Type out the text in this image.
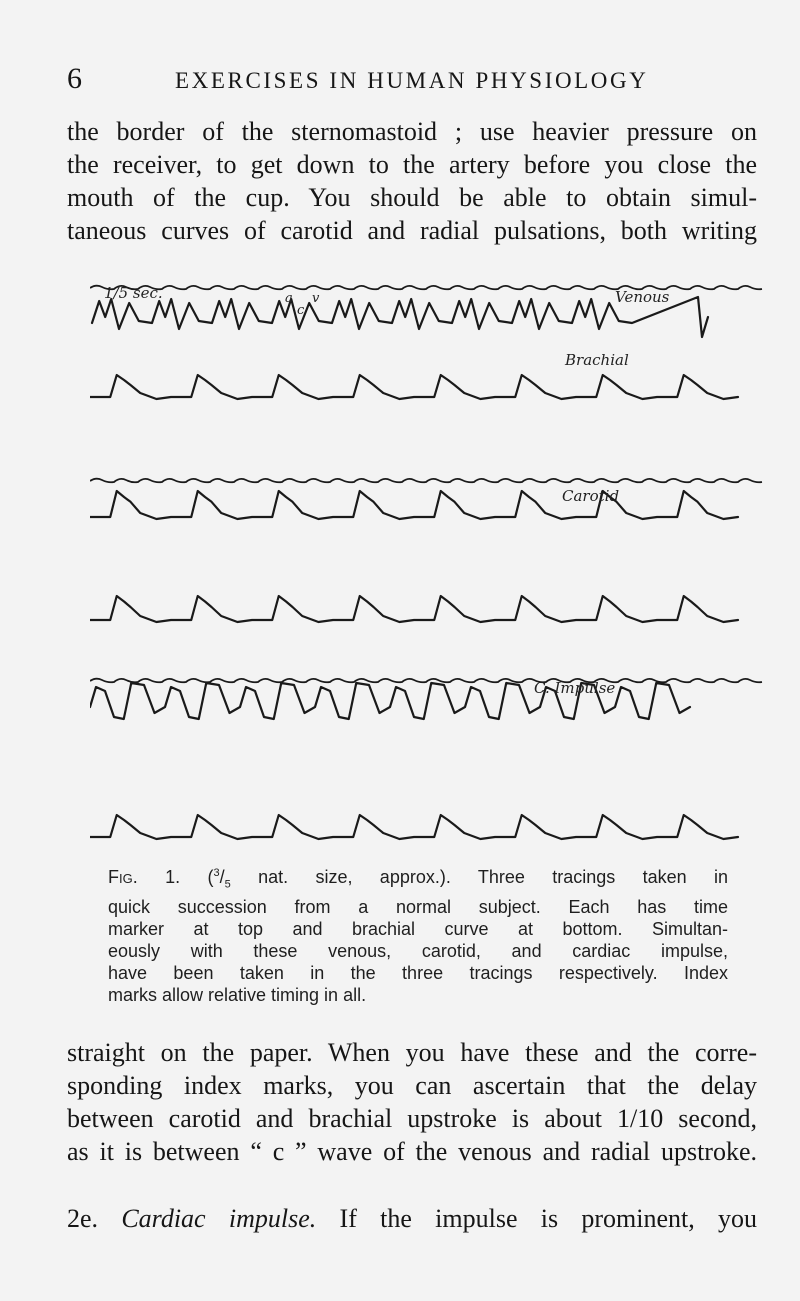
6	EXERCISES IN HUMAN PHYSIOLOGY

the border of the sternomastoid ; use heavier pressure on
the receiver, to get down to the artery before you close the
mouth of the cup. You should be able to obtain simul-
taneous curves of carotid and radial pulsations, both writing

1/5 sec.	a
c
v	Venous
Brachial
Carotid
C. Impulse

Fig. 1. ($^3/_5$ nat. size, approx.). Three tracings taken in
quick succession from a normal subject. Each has time
marker at top and brachial curve at bottom. Simultan-
eously with these venous, carotid, and cardiac impulse,
have been taken in the three tracings respectively. Index
marks allow relative timing in all.

straight on the paper. When you have these and the corre-
sponding index marks, you can ascertain that the delay
between carotid and brachial upstroke is about 1/10 second,
as it is between “ c ” wave of the venous and radial upstroke.

2e. Cardiac impulse. If the impulse is prominent, you
